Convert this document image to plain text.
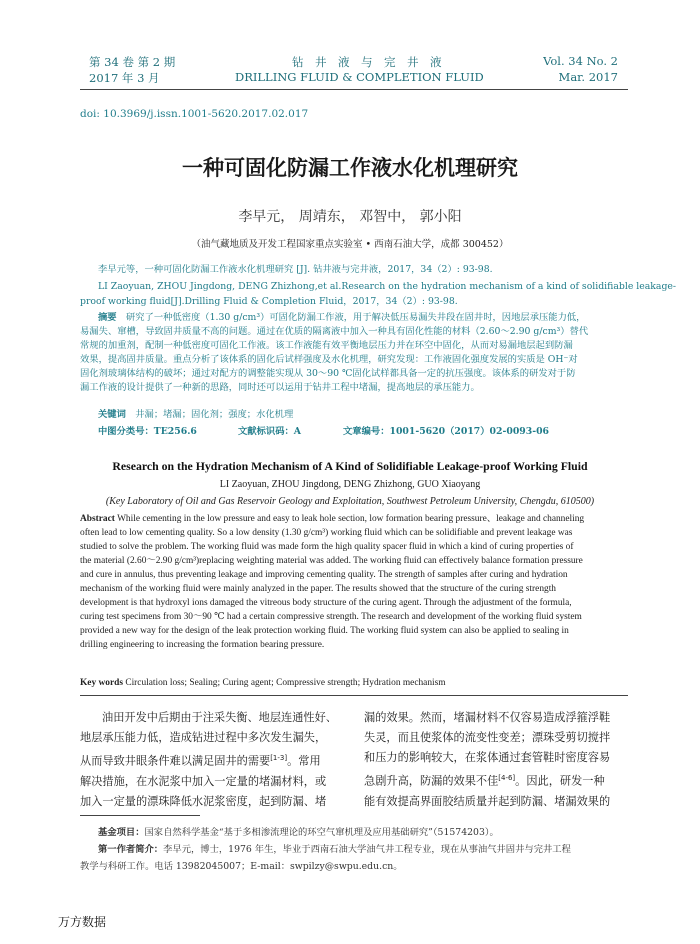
第 34 卷 第 2 期	钻　井　液　与　完　井　液	Vol. 34 No. 2
2017 年 3 月	DRILLING FLUID & COMPLETION FLUID	Mar. 2017
doi: 10.3969/j.issn.1001-5620.2017.02.017
一种可固化防漏工作液水化机理研究
李早元， 周靖东， 邓智中， 郭小阳
（油气藏地质及开发工程国家重点实验室 • 西南石油大学，成都 300452）
李早元等，一种可固化防漏工作液水化机理研究 [J]. 钻井液与完井液，2017，34（2）: 93-98.
LI Zaoyuan, ZHOU Jingdong, DENG Zhizhong,et al.Research on the hydration mechanism of a kind of solidifiable leakage-
proof working fluid[J].Drilling Fluid & Completion Fluid，2017，34（2）: 93-98.

摘要　 研究了一种低密度（1.30 g/cm³）可固化防漏工作液，用于解决低压易漏失井段在固井时，因地层承压能力低，

易漏失、窜槽，导致固井质量不高的问题。通过在优质的隔离液中加入一种具有固化性能的材料（2.60～2.90 g/cm³）替代

常规的加重剂，配制一种低密度可固化工作液。该工作液能有效平衡地层压力并在环空中固化，从而对易漏地层起到防漏

效果，提高固井质量。重点分析了该体系的固化后试样强度及水化机理，研究发现：工作液固化强度发展的实质是 OH⁻对

固化剂玻璃体结构的破坏；通过对配方的调整能实现从 30～90 ℃固化试样都具备一定的抗压强度。该体系的研发对于防

漏工作液的设计提供了一种新的思路，同时还可以运用于钻井工程中堵漏，提高地层的承压能力。

关键词　 井漏；堵漏；固化剂；强度；水化机理
中图分类号：TE256.6	文献标识码：A	文章编号：1001-5620（2017）02-0093-06
Research on the Hydration Mechanism of A Kind of Solidifiable Leakage-proof Working Fluid
LI Zaoyuan, ZHOU Jingdong, DENG Zhizhong, GUO Xiaoyang
(Key Laboratory of Oil and Gas Reservoir Geology and Exploitation, Southwest Petroleum University, Chengdu, 610500)

Abstract While cementing in the low pressure and easy to leak hole section, low formation bearing pressure、leakage and channeling

often lead to low cementing quality. So a low density (1.30 g/cm³) working fluid which can be solidifiable and prevent leakage was

studied to solve the problem. The working fluid was made form the high quality spacer fluid in which a kind of curing properties of

the material (2.60～2.90 g/cm³)replacing weighting material was added. The working fluid can effectively balance formation pressure

and cure in annulus, thus preventing leakage and improving cementing quality. The strength of samples after curing and hydration

mechanism of the working fluid were mainly analyzed in the paper. The results showed that the structure of the curing strength

development is that hydroxyl ions damaged the vitreous body structure of the curing agent. Through the adjustment of the formula,

curing test specimens from 30～90 ℃ had a certain compressive strength. The research and development of the working fluid system

provided a new way for the design of the leak protection working fluid. The working fluid system can also be applied to sealing in

drilling engineering to increasing the formation bearing pressure.

Key words Circulation loss; Sealing; Curing agent; Compressive strength; Hydration mechanism

油田开发中后期由于注采失衡、地层连通性好、

地层承压能力低，造成钻进过程中多次发生漏失，

从而导致井眼条件难以满足固井的需要[1-3]。常用

解决措施，在水泥浆中加入一定量的堵漏材料，或

加入一定量的漂珠降低水泥浆密度，起到防漏、堵

漏的效果。然而，堵漏材料不仅容易造成浮箍浮鞋

失灵，而且使浆体的流变性变差；漂珠受剪切搅拌

和压力的影响较大，在浆体通过套管鞋时密度容易

急剧升高，防漏的效果不佳[4-6]。因此，研发一种

能有效提高界面胶结质量并起到防漏、堵漏效果的

基金项目：国家自然科学基金“基于多相渗流理论的环空气窜机理及应用基础研究”（51574203）。
第一作者简介：李早元，博士，1976 年生，毕业于西南石油大学油气井工程专业，现在从事油气井固井与完井工程
教学与科研工作。电话 13982045007；E-mail：swpilzy@swpu.edu.cn。
万方数据
